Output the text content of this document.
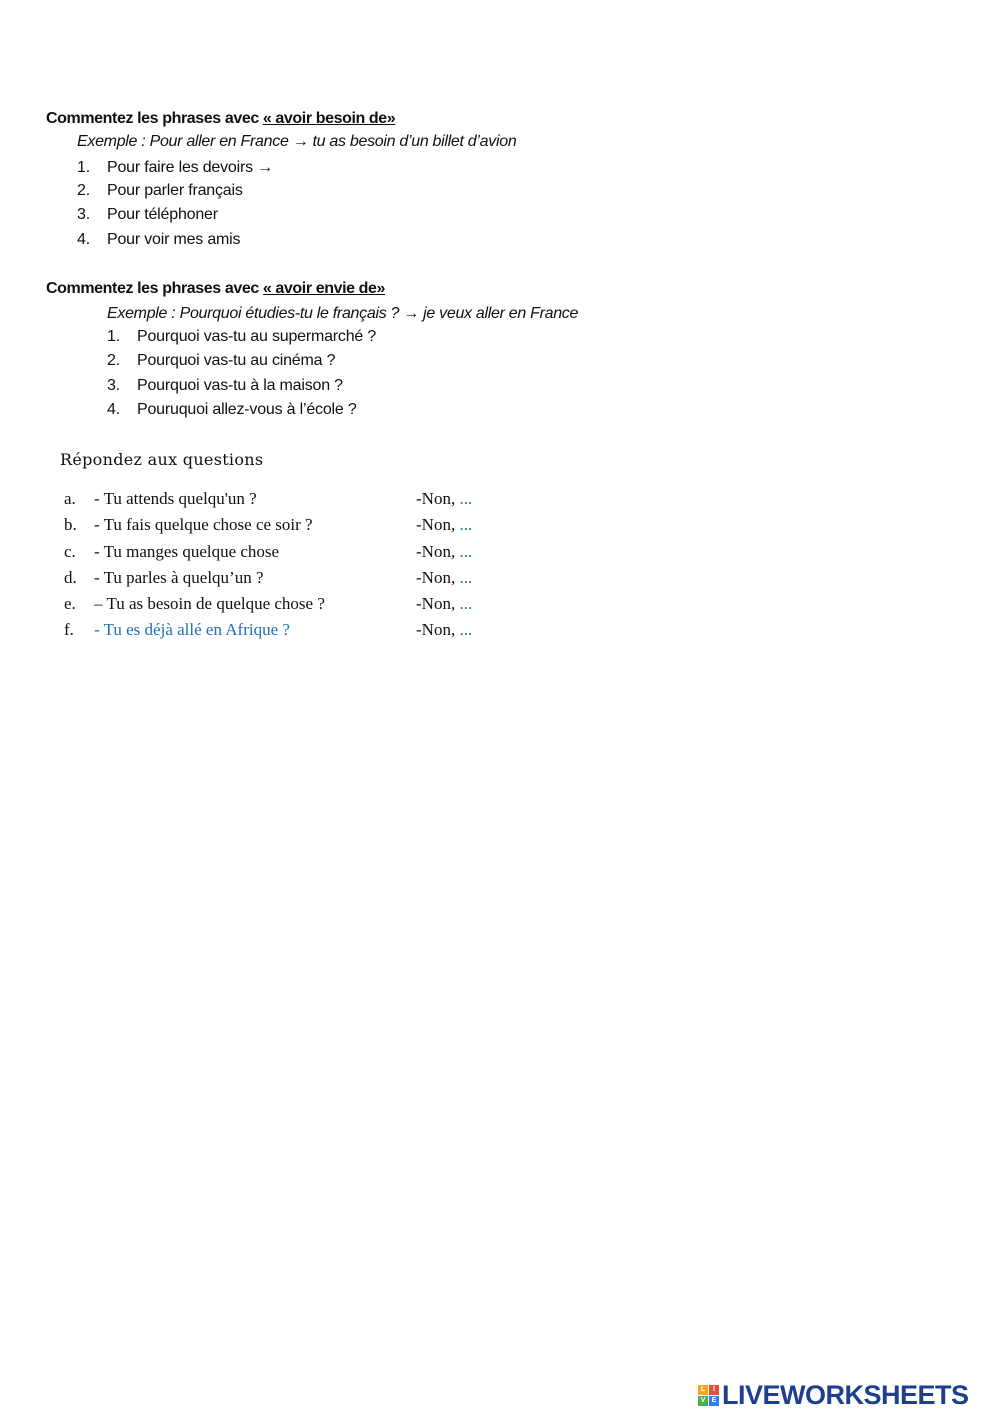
Commentez les phrases avec « avoir besoin de»
Exemple : Pour aller en France → tu as besoin d’un billet d’avion
1. Pour faire les devoirs →
2. Pour parler français
3. Pour téléphoner
4. Pour voir mes amis
Commentez les phrases avec « avoir envie de»
Exemple : Pourquoi étudies-tu le français ? → je veux aller en France
1. Pourquoi vas-tu au supermarché ?
2. Pourquoi vas-tu au cinéma ?
3. Pourquoi vas-tu à la maison ?
4. Pouruquoi allez-vous à l’école ?
Répondez aux questions
a. - Tu attends quelqu'un ?	-Non, ...
b. - Tu fais quelque chose ce soir ?	-Non, ...
c. - Tu manges quelque chose	-Non, ...
d. - Tu parles à quelqu’un ?	-Non, ...
e. – Tu as besoin de quelque chose ?	-Non, ...
f. - Tu es déjà allé en Afrique ?	-Non, ...
L	I
V E LIVEWORKSHEETS
